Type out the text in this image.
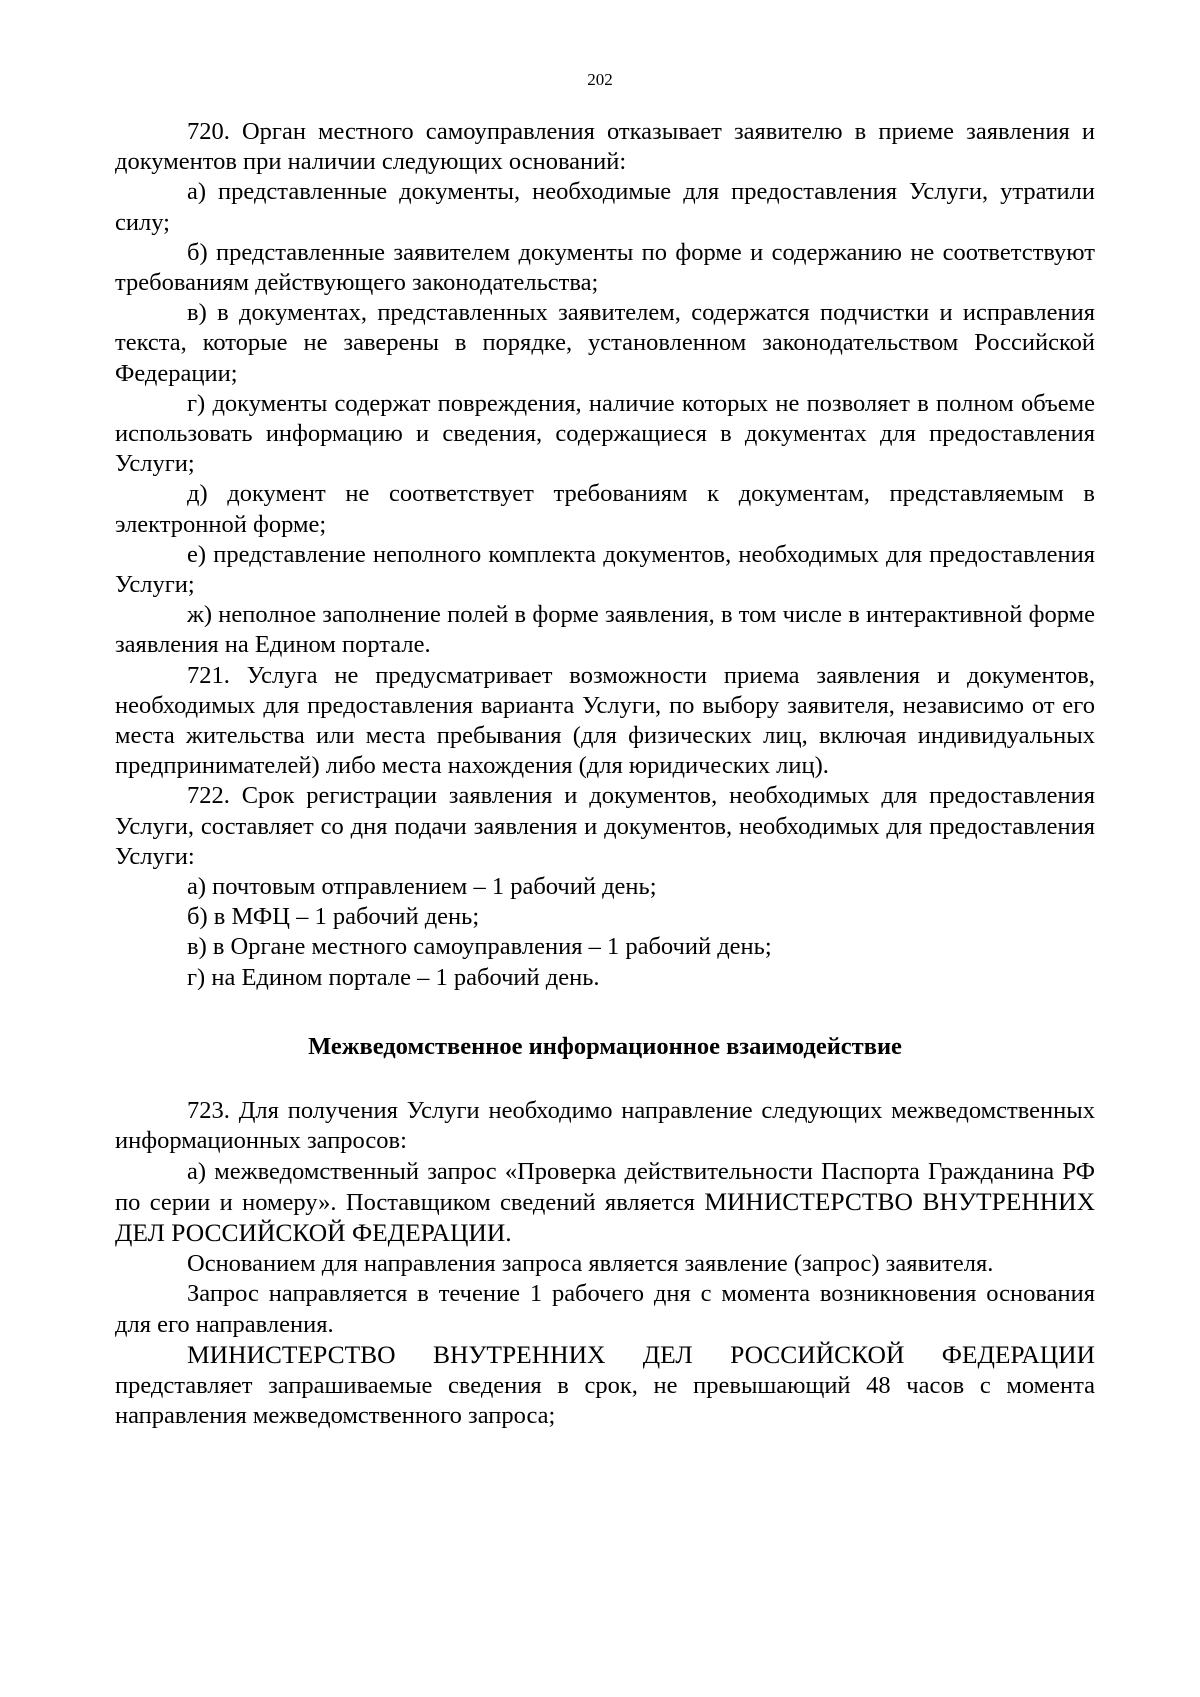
202

720. Орган местного самоуправления отказывает заявителю в приеме заявления и документов при наличии следующих оснований:

а) представленные документы, необходимые для предоставления Услуги, утратили силу;

б) представленные заявителем документы по форме и содержанию не соответствуют требованиям действующего законодательства;

в) в документах, представленных заявителем, содержатся подчистки и исправления текста, которые не заверены в порядке, установленном законодательством Российской Федерации;

г) документы содержат повреждения, наличие которых не позволяет в полном объеме использовать информацию и сведения, содержащиеся в документах для предоставления Услуги;

д) документ не соответствует требованиям к документам, представляемым в электронной форме;

е) представление неполного комплекта документов, необходимых для предоставления Услуги;

ж) неполное заполнение полей в форме заявления, в том числе в интерактивной форме заявления на Едином портале.

721. Услуга не предусматривает возможности приема заявления и документов, необходимых для предоставления варианта Услуги, по выбору заявителя, независимо от его места жительства или места пребывания (для физических лиц, включая индивидуальных предпринимателей) либо места нахождения (для юридических лиц).

722. Срок регистрации заявления и документов, необходимых для предоставления Услуги, составляет со дня подачи заявления и документов, необходимых для предоставления Услуги:

а) почтовым отправлением – 1 рабочий день;

б) в МФЦ – 1 рабочий день;

в) в Органе местного самоуправления – 1 рабочий день;

г) на Едином портале – 1 рабочий день.

Межведомственное информационное взаимодействие

723. Для получения Услуги необходимо направление следующих межведомственных информационных запросов:

а) межведомственный запрос «Проверка действительности Паспорта Гражданина РФ по серии и номеру». Поставщиком сведений является МИНИСТЕРСТВО ВНУТРЕННИХ ДЕЛ РОССИЙСКОЙ ФЕДЕРАЦИИ.

Основанием для направления запроса является заявление (запрос) заявителя.

Запрос направляется в течение 1 рабочего дня с момента возникновения основания для его направления.

МИНИСТЕРСТВО ВНУТРЕННИХ ДЕЛ РОССИЙСКОЙ ФЕДЕРАЦИИ представляет запрашиваемые сведения в срок, не превышающий 48 часов с момента направления межведомственного запроса;
